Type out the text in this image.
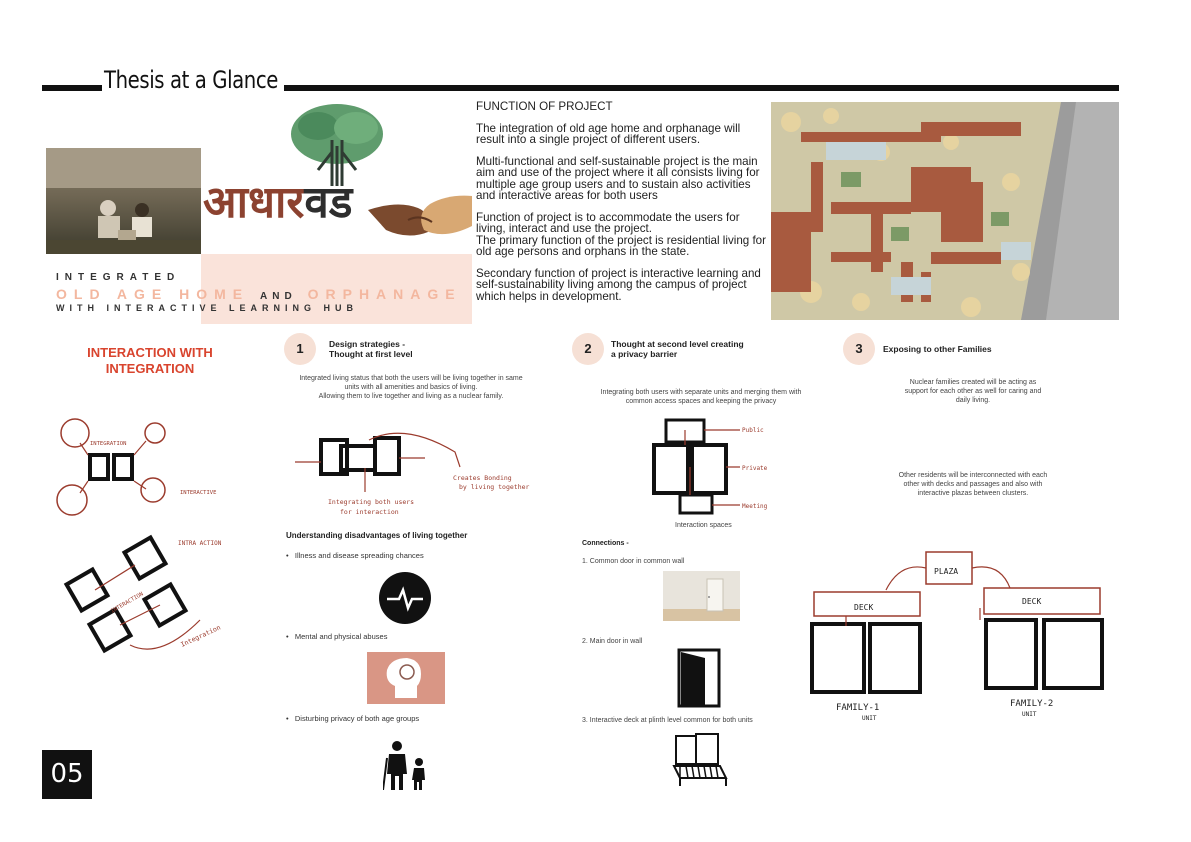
Thesis at a Glance
आधारवड
INTEGRATED
OLD AGE HOME AND ORPHANAGE
WITH INTERACTIVE LEARNING HUB

FUNCTION OF PROJECT

The integration of old age home and orphanage will result into a single project of different users.

Multi-functional and self-sustainable project is the main aim and use of the project where it all consists living for multiple age group users and to sustain also activities and interactive areas for both users

Function of project is to accommodate the users for living, interact and use the project.

The primary function of the project is residential living for old age persons and orphans in the state.

Secondary function of project is interactive learning and self-sustainability living among the campus of project which helps in development.

INTERACTION WITH
INTEGRATION
INTEGRATION
INTERACTIVE
INTRA ACTION
INTERACTION
Integration
1	Design strategies -
Thought at first level
Integrated living status that both the users will be living together in same
units with all amenities and basics of living.
Allowing them to live together and living as a nuclear family.
Integrating both users
for interaction
Creates Bonding
by living together
Understanding disadvantages of living together
•   Illness and disease spreading chances
•   Mental and physical abuses
•   Disturbing privacy of both age groups
2	Thought at second level creating
a privacy barrier
Integrating both users with separate units and merging them with
common access spaces and keeping the privacy
Public
Private
Meeting
Interaction spaces
Connections -
1. Common door in common wall
2. Main door in wall
3. Interactive deck at plinth level common for both units
3	Exposing to other Families
Nuclear families created will be acting as
support for each other as well for caring and
daily living.
Other residents will be interconnected with each
other with decks and passages and also with
interactive plazas between clusters.
PLAZA
DECK
DECK
FAMILY-1
UNIT
FAMILY-2
UNIT
05
